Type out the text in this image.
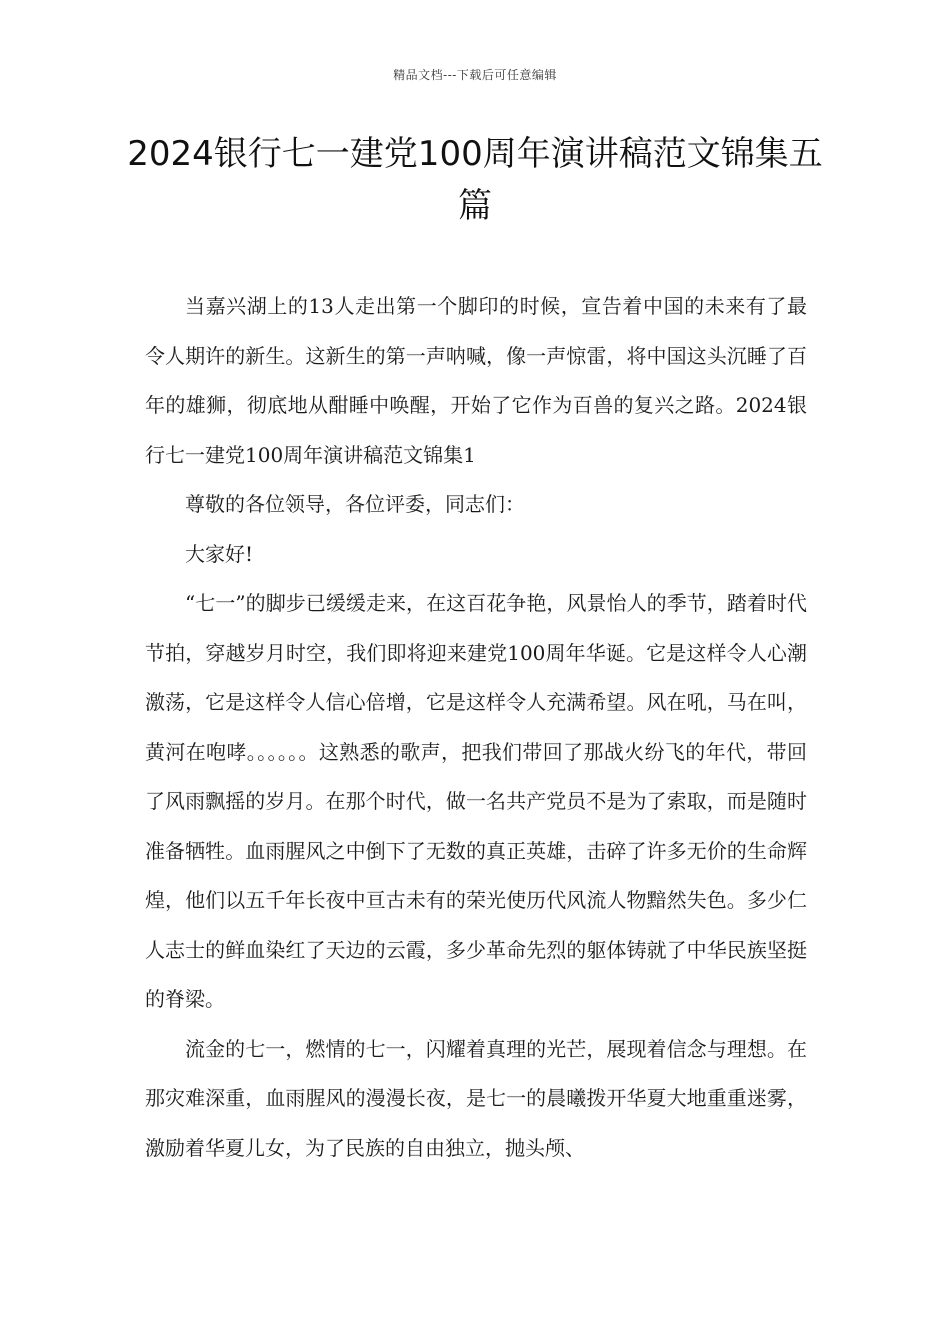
精品文档---下载后可任意编辑
2024银行七一建党100周年演讲稿范文锦集五篇

当嘉兴湖上的13人走出第一个脚印的时候，宣告着中国的未来有了最令人期许的新生。这新生的第一声呐喊，像一声惊雷，将中国这头沉睡了百年的雄狮，彻底地从酣睡中唤醒，开始了它作为百兽的复兴之路。2024银行七一建党100周年演讲稿范文锦集1

尊敬的各位领导，各位评委，同志们：

大家好!

“七一”的脚步已缓缓走来，在这百花争艳，风景怡人的季节，踏着时代节拍，穿越岁月时空，我们即将迎来建党100周年华诞。它是这样令人心潮激荡，它是这样令人信心倍增，它是这样令人充满希望。风在吼，马在叫，黄河在咆哮。。。。。。这熟悉的歌声，把我们带回了那战火纷飞的年代，带回了风雨飘摇的岁月。在那个时代，做一名共产党员不是为了索取，而是随时准备牺牲。血雨腥风之中倒下了无数的真正英雄，击碎了许多无价的生命辉煌，他们以五千年长夜中亘古未有的荣光使历代风流人物黯然失色。多少仁人志士的鲜血染红了天边的云霞，多少革命先烈的躯体铸就了中华民族坚挺的脊梁。

流金的七一，燃情的七一，闪耀着真理的光芒，展现着信念与理想。在那灾难深重，血雨腥风的漫漫长夜，是七一的晨曦拨开华夏大地重重迷雾，激励着华夏儿女，为了民族的自由独立，抛头颅、
